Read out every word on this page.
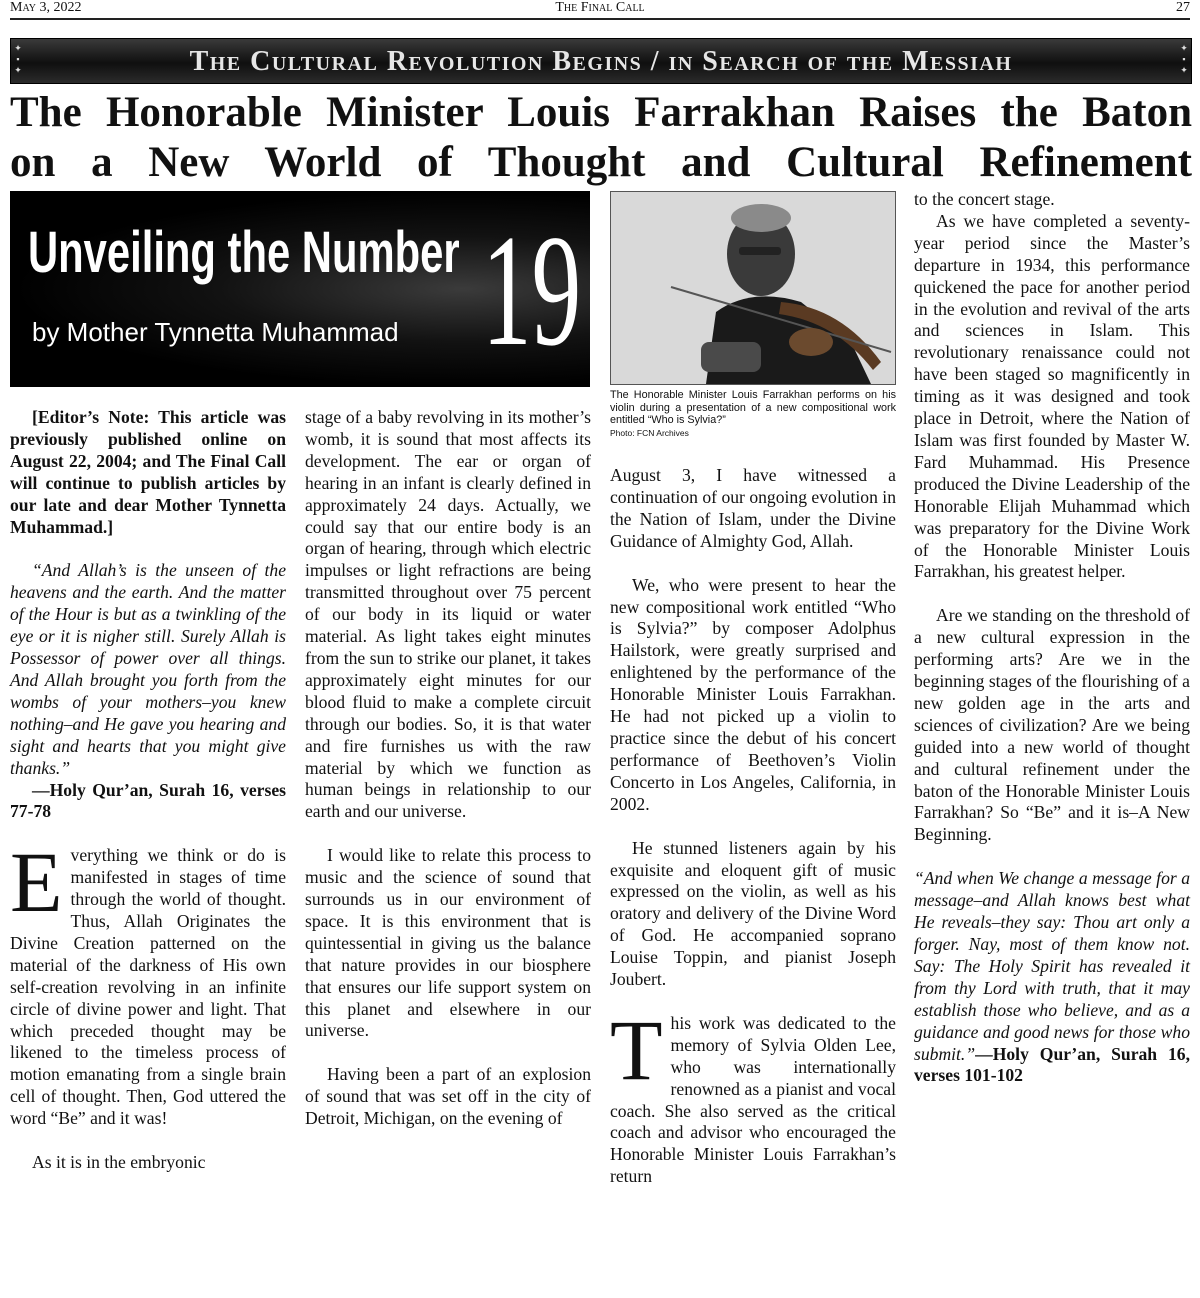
May 3, 2022	The Final Call	27
✦
▪
✦	The Cultural Revolution Begins / in Search of the Messiah	✦
▪
✦
The Honorable Minister Louis Farrakhan Raises the Baton
on a New World of Thought and Cultural Refinement
Unveiling the Number
by Mother Tynnetta Muhammad 19
The Honorable Minister Louis Farrakhan performs on his violin during a presentation of a new compositional work entitled “Who is Sylvia?”
Photo: FCN Archives

[Editor’s Note: This article was previously published online on August 22, 2004; and The Final Call will continue to publish articles by our late and dear Mother Tynnetta Muhammad.]

“And Allah’s is the unseen of the heavens and the earth. And the matter of the Hour is but as a twinkling of the eye or it is nigher still. Surely Allah is Possessor of power over all things. And Allah brought you forth from the wombs of your mothers–you knew nothing–and He gave you hearing and sight and hearts that you might give thanks.”

—Holy Qur’an, Surah 16, verses 77-78

Everything we think or do is manifested in stages of time through the world of thought. Thus, Allah Originates the Divine Creation patterned on the material of the darkness of His own self-creation revolving in an infinite circle of divine power and light. That which preceded thought may be likened to the timeless process of motion emanating from a single brain cell of thought. Then, God uttered the word “Be” and it was!

As it is in the embryonic

stage of a baby revolving in its mother’s womb, it is sound that most affects its development. The ear or organ of hearing in an infant is clearly defined in approximately 24 days. Actually, we could say that our entire body is an organ of hearing, through which electric impulses or light refractions are being transmitted throughout over 75 percent of our body in its liquid or water material. As light takes eight minutes from the sun to strike our planet, it takes approximately eight minutes for our blood fluid to make a complete circuit through our bodies. So, it is that water and fire furnishes us with the raw material by which we function as human beings in relationship to our earth and our universe.

I would like to relate this process to music and the science of sound that surrounds us in our environment of space. It is this environment that is quintessential in giving us the balance that nature provides in our biosphere that ensures our life support system on this planet and elsewhere in our universe.

Having been a part of an explosion of sound that was set off in the city of Detroit, Michigan, on the evening of

August 3, I have witnessed a continuation of our ongoing evolution in the Nation of Islam, under the Divine Guidance of Almighty God, Allah.

We, who were present to hear the new compositional work entitled “Who is Sylvia?” by composer Adolphus Hailstork, were greatly surprised and enlightened by the performance of the Honorable Minister Louis Farrakhan. He had not picked up a violin to practice since the debut of his concert performance of Beethoven’s Violin Concerto in Los Angeles, California, in 2002.

He stunned listeners again by his exquisite and eloquent gift of music expressed on the violin, as well as his oratory and delivery of the Divine Word of God. He accompanied soprano Louise Toppin, and pianist Joseph Joubert.

This work was dedicated to the memory of Sylvia Olden Lee, who was internationally renowned as a pianist and vocal coach. She also served as the critical coach and advisor who encouraged the Honorable Minister Louis Farrakhan’s return

to the concert stage.

As we have completed a seventy-year period since the Master’s departure in 1934, this performance quickened the pace for another period in the evolution and revival of the arts and sciences in Islam. This revolutionary renaissance could not have been staged so magnificently in timing as it was designed and took place in Detroit, where the Nation of Islam was first founded by Master W. Fard Muhammad. His Presence produced the Divine Leadership of the Honorable Elijah Muhammad which was preparatory for the Divine Work of the Honorable Minister Louis Farrakhan, his greatest helper.

Are we standing on the threshold of a new cultural expression in the performing arts? Are we in the beginning stages of the flourishing of a new golden age in the arts and sciences of civilization? Are we being guided into a new world of thought and cultural refinement under the baton of the Honorable Minister Louis Farrakhan? So “Be” and it is–A New Beginning.

“And when We change a message for a message–and Allah knows best what He reveals–they say: Thou art only a forger. Nay, most of them know not. Say: The Holy Spirit has revealed it from thy Lord with truth, that it may establish those who believe, and as a guidance and good news for those who submit.”—Holy Qur’an, Surah 16, verses 101-102
